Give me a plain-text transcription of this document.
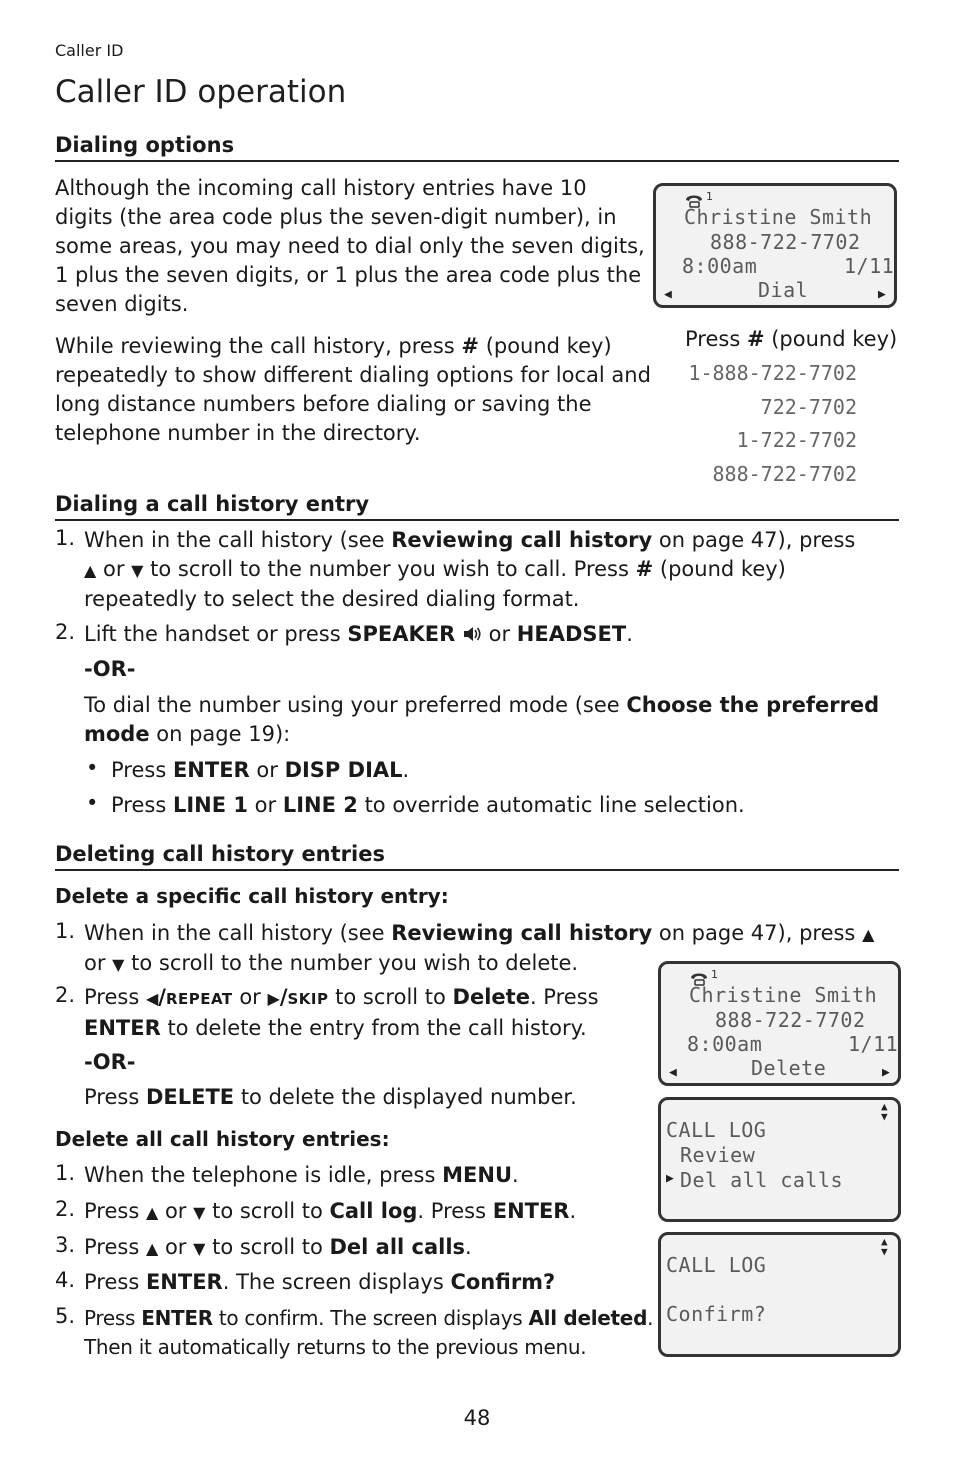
Caller ID
Caller ID operation
Dialing options
Although the incoming call history entries have 10 digits (the area code plus the seven-digit number), in some areas, you may need to dial only the seven digits, 1 plus the seven digits, or 1 plus the area code plus the seven digits.
While reviewing the call history, press # (pound key) repeatedly to show different dialing options for local and long distance numbers before dialing or saving the telephone number in the directory.
1
Christine Smith
888-722-7702
8:00am	1/11
◀	Dial	▶
Press # (pound key)
1-888-722-7702
722-7702
1-722-7702
888-722-7702
Dialing a call history entry
1. When in the call history (see Reviewing call history on page 47), press
▲ or ▼ to scroll to the number you wish to call. Press # (pound key)
repeatedly to select the desired dialing format.
2. Lift the handset or press SPEAKER  or HEADSET.
-OR-
To dial the number using your preferred mode (see Choose the preferred
mode on page 19):
• Press ENTER or DISP DIAL.
• Press LINE 1 or LINE 2 to override automatic line selection.
Deleting call history entries
Delete a specific call history entry:
1. When in the call history (see Reviewing call history on page 47), press ▲
or ▼ to scroll to the number you wish to delete.
2. Press ◀/REPEAT or ▶/SKIP to scroll to Delete. Press
ENTER to delete the entry from the call history.
-OR-
Press DELETE to delete the displayed number.
Delete all call history entries:
1. When the telephone is idle, press MENU.
2. Press ▲ or ▼ to scroll to Call log. Press ENTER.
3. Press ▲ or ▼ to scroll to Del all calls.
4. Press ENTER. The screen displays Confirm?
5. Press ENTER to confirm. The screen displays All deleted.
Then it automatically returns to the previous menu.
1
Christine Smith
888-722-7702
8:00am	1/11
◀	Delete	▶
▲
▼
CALL LOG
Review
▶ Del all calls
▲
▼
CALL LOG
Confirm?
48
